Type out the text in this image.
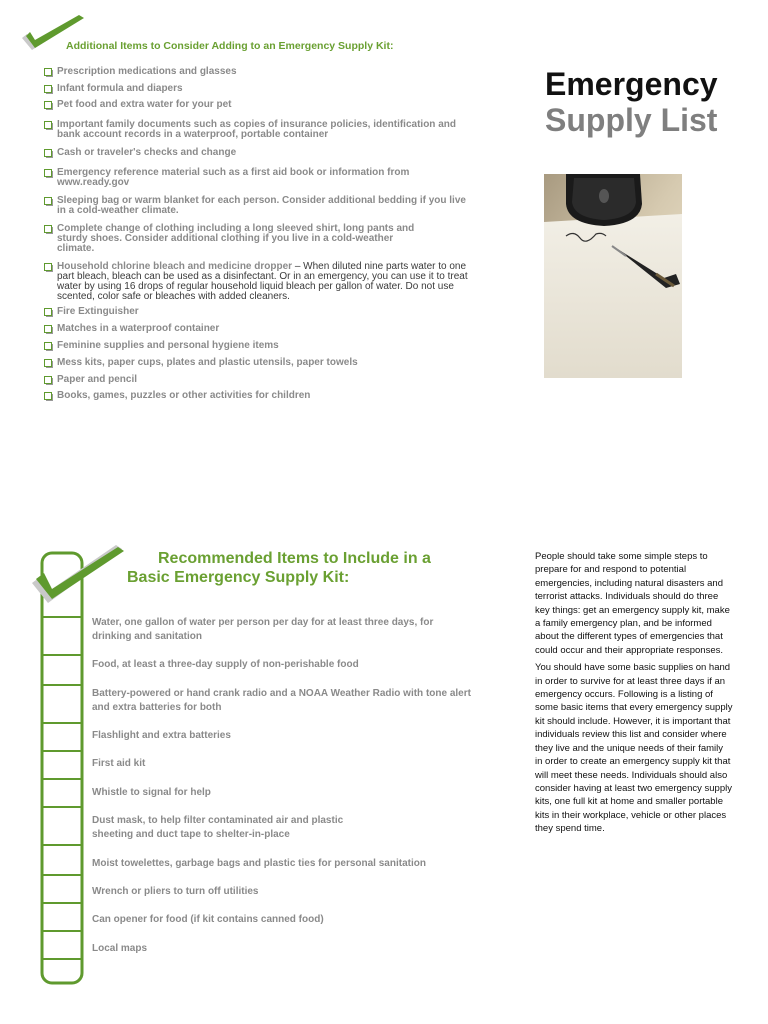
Additional Items to Consider Adding to an Emergency Supply Kit:
Prescription medications and glasses
Infant formula and diapers
Pet food and extra water for your pet
Important family documents such as copies of insurance policies, identification and bank account records in a waterproof, portable container
Cash or traveler's checks and change
Emergency reference material such as a first aid book or information from www.ready.gov
Sleeping bag or warm blanket for each person. Consider additional bedding if you live in a cold-weather climate.
Complete change of clothing including a long sleeved shirt, long pants and sturdy shoes. Consider additional clothing if you live in a cold-weather climate.
Household chlorine bleach and medicine dropper – When diluted nine parts water to one part bleach, bleach can be used as a disinfectant. Or in an emergency, you can use it to treat water by using 16 drops of regular household liquid bleach per gallon of water. Do not use scented, color safe or bleaches with added cleaners.
Fire Extinguisher
Matches in a waterproof container
Feminine supplies and personal hygiene items
Mess kits, paper cups, plates and plastic utensils, paper towels
Paper and pencil
Books, games, puzzles or other activities for children
Emergency
Supply List
Recommended Items to Include in a
Basic Emergency Supply Kit:
Water, one gallon of water per person per day for at least three days, for drinking and sanitation
Food, at least a three-day supply of non-perishable food
Battery-powered or hand crank radio and a NOAA Weather Radio with tone alert and extra batteries for both
Flashlight and extra batteries
First aid kit
Whistle to signal for help
Dust mask, to help filter contaminated air and plastic sheeting and duct tape to shelter-in-place
Moist towelettes, garbage bags and plastic ties for personal sanitation
Wrench or pliers to turn off utilities
Can opener for food (if kit contains canned food)
Local maps

People should take some simple steps to prepare for and respond to potential emergencies, including natural disasters and terrorist attacks. Individuals should do three key things: get an emergency supply kit, make a family emergency plan, and be informed about the different types of emergencies that could occur and their appropriate responses.

You should have some basic supplies on hand in order to survive for at least three days if an emergency occurs. Following is a listing of some basic items that every emergency supply kit should include. However, it is important that individuals review this list and consider where they live and the unique needs of their family in order to create an emergency supply kit that will meet these needs. Individuals should also consider having at least two emergency supply kits, one full kit at home and smaller portable kits in their workplace, vehicle or other places they spend time.
